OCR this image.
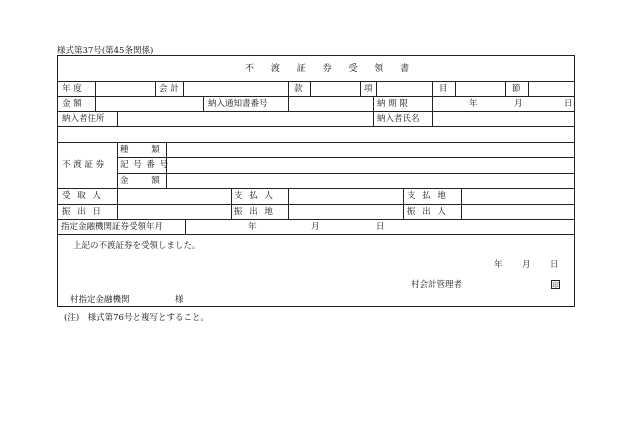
様式第37号(第45条関係)
不 渡 証 券 受 領 書
年 度	会 計	款	項	目	節
金 額	納入通知書番号	納 期 限	年	月	日
納入者住所	納入者氏名
不 渡 証 券
種 類
記 号 番 号
金 額
受 取 人	支 払 人	支 払 地
振 出 日	振 出 地	振 出 人
指定金融機関証券受領年月	年	月	日
上記の不渡証券を受領しました。
年 月 日
村会計管理者	印
村指定金融機関	様
(注)　様式第76号と複写とすること。
